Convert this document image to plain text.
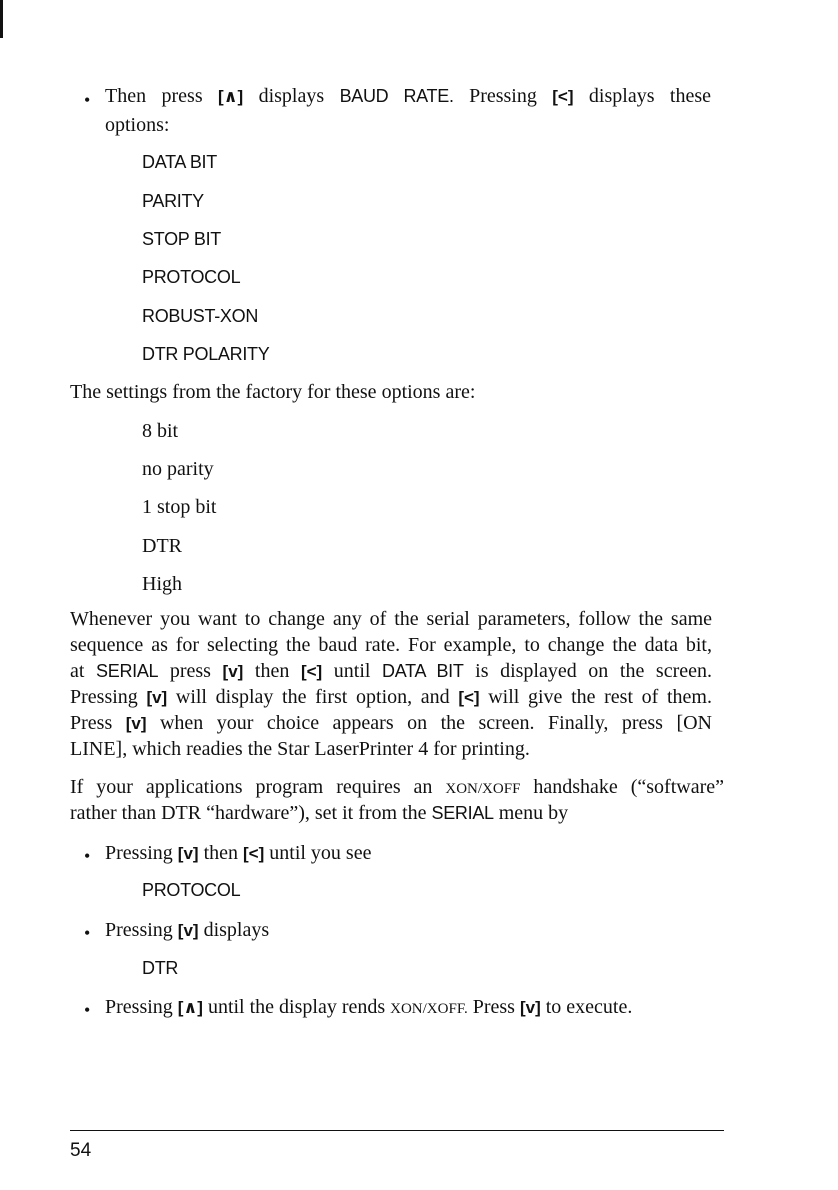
• Then press [∧] displays BAUD RATE. Pressing [<] displays these
options:
DATA BIT
PARITY
STOP BIT
PROTOCOL
ROBUST-XON
DTR POLARITY
The settings from the factory for these options are:
8 bit
no parity
1 stop bit
DTR
High
Whenever you want to change any of the serial parameters, follow the same
sequence as for selecting the baud rate. For example, to change the data bit,
at SERIAL press [v] then [<] until DATA BIT is displayed on the screen.
Pressing [v] will display the first option, and [<] will give the rest of them.
Press [v] when your choice appears on the screen. Finally, press [ON
LINE], which readies the Star LaserPrinter 4 for printing.
If your applications program requires an XON/XOFF handshake (“software”
rather than DTR “hardware”), set it from the SERIAL menu by
• Pressing [v] then [<] until you see
PROTOCOL
• Pressing [v] displays
DTR
• Pressing [∧] until the display rends XON/XOFF. Press [v] to execute.
54
